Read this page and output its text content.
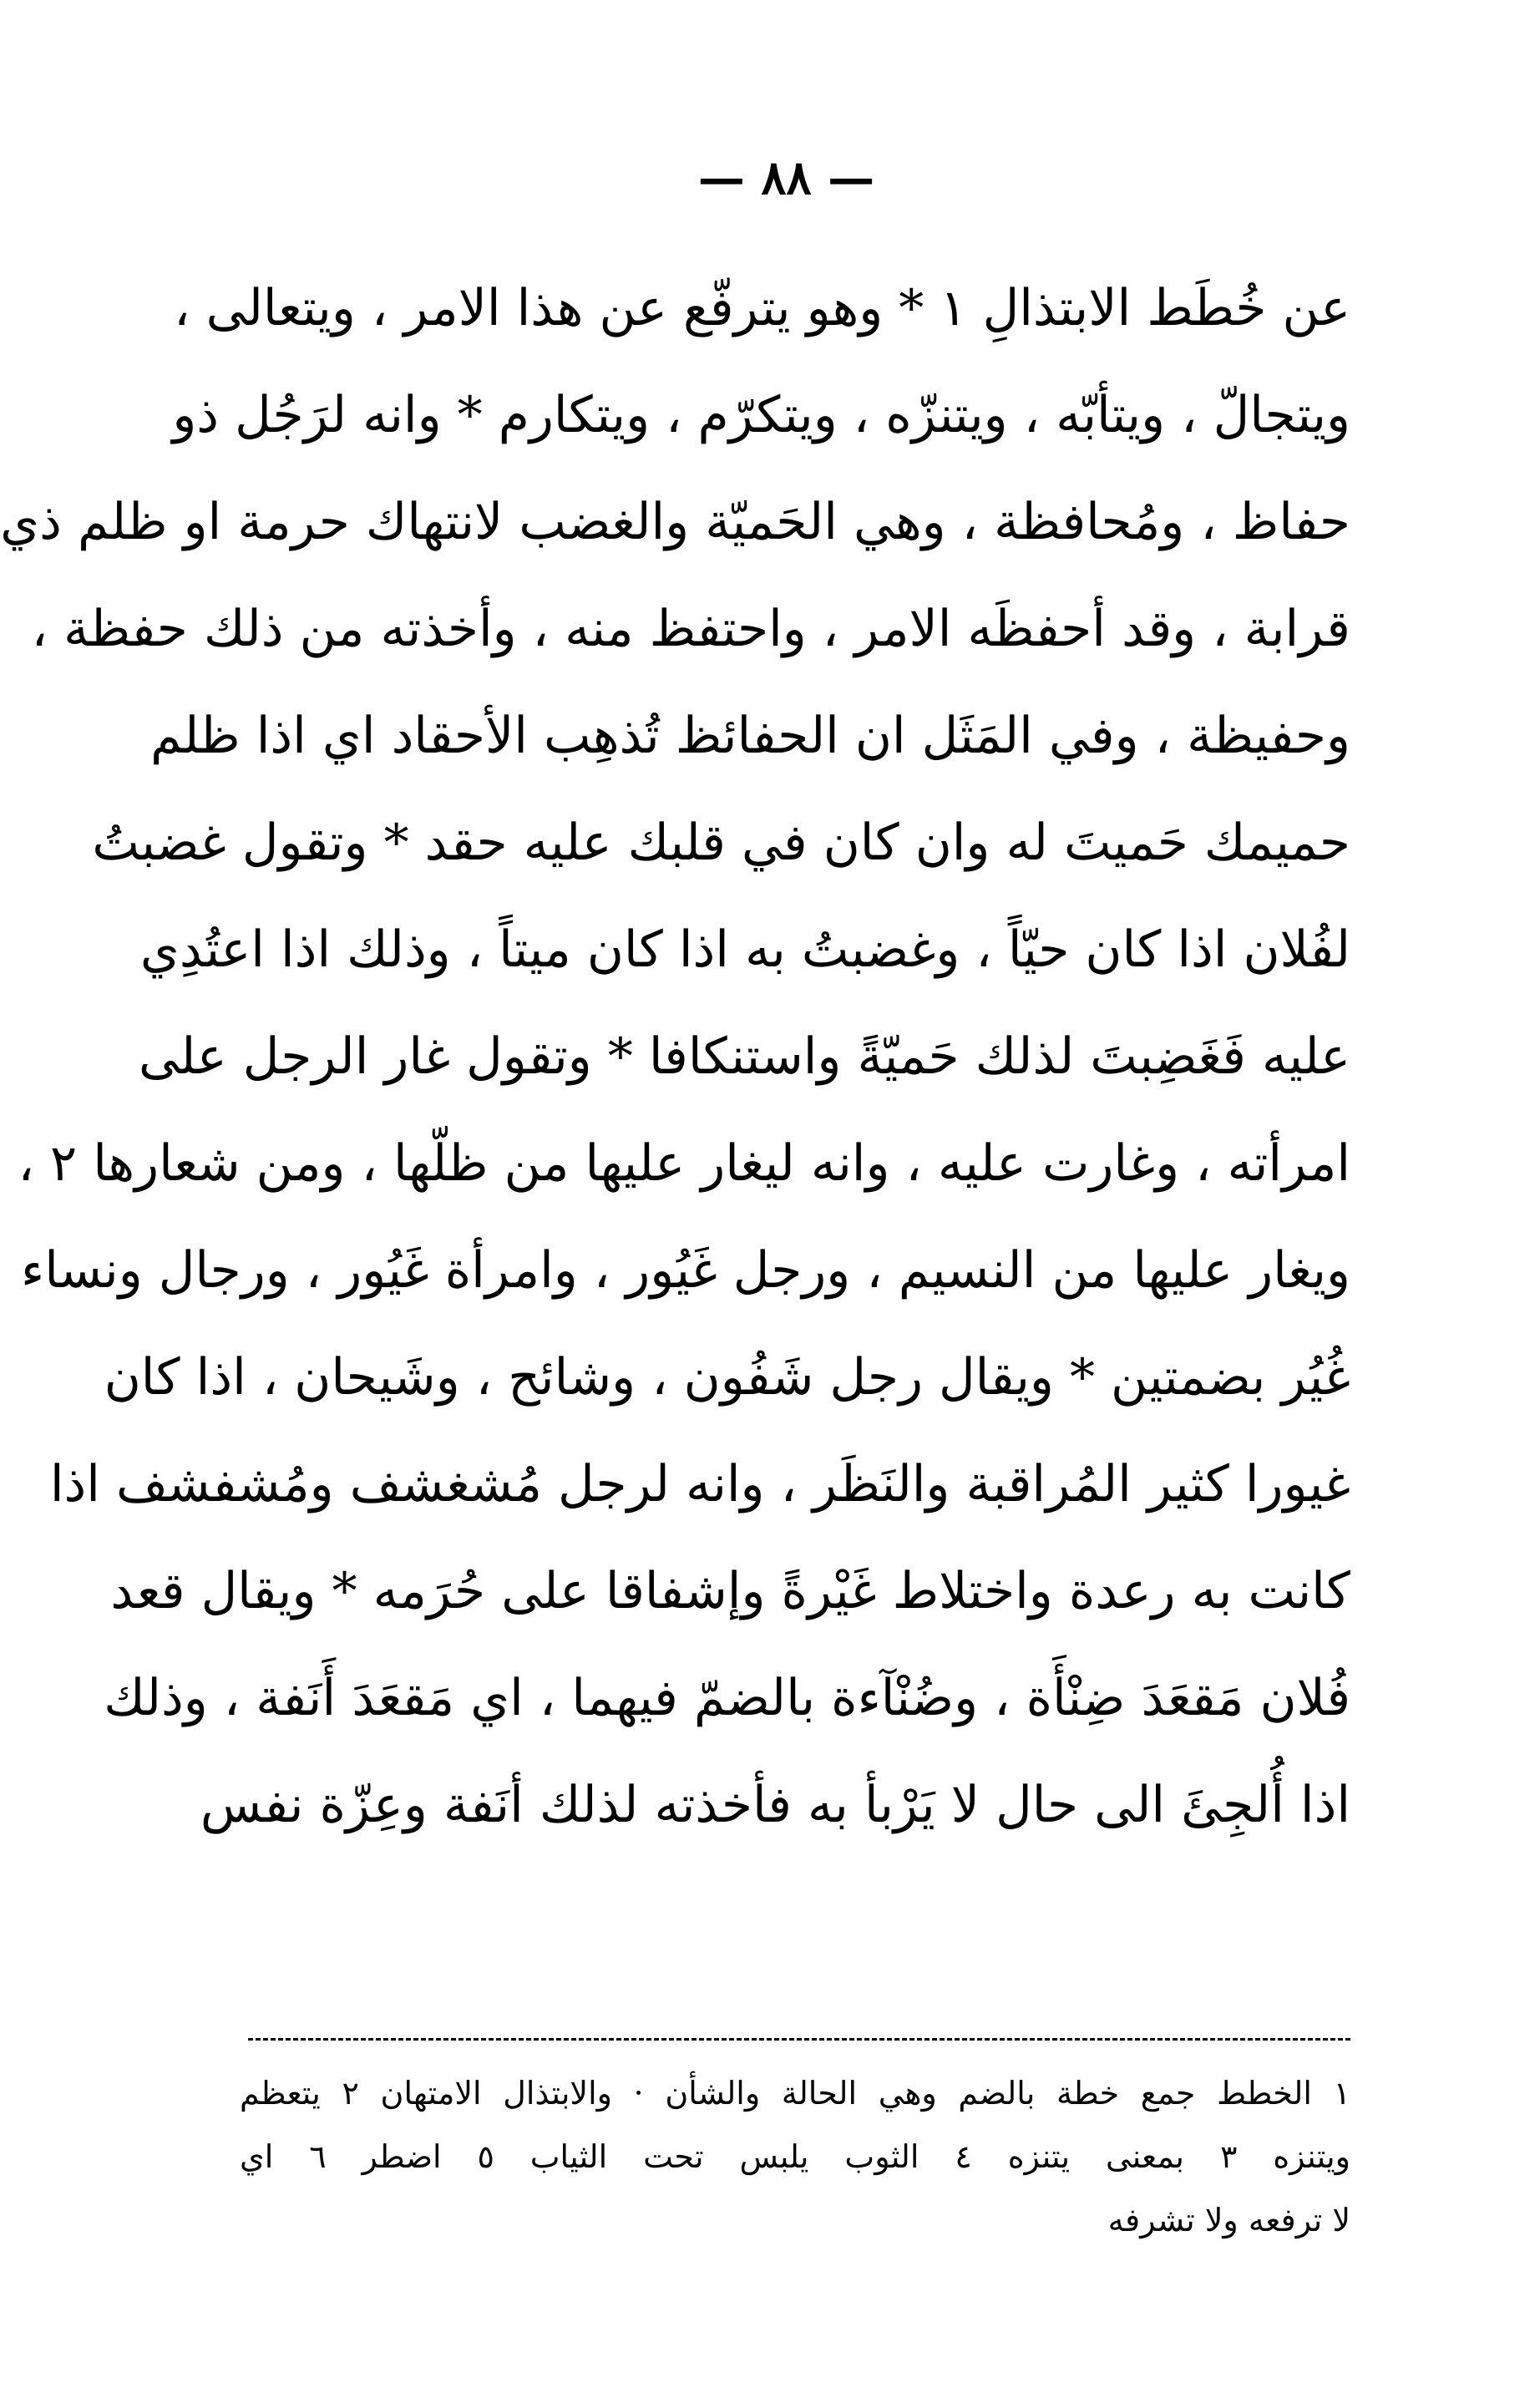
— ٨٨ —
عن خُطَط الابتذالِ ١ * وهو يترفّع عن هذا الامر ، ويتعالى ،
ويتجالّ ، ويتأبّه ، ويتنزّه ، ويتكرّم ، ويتكارم * وانه لرَجُل ذو
حفاظ ، ومُحافظة ، وهي الحَميّة والغضب لانتهاك حرمة او ظلم ذي
قرابة ، وقد أحفظَه الامر ، واحتفظ منه ، وأخذته من ذلك حفظة ،
وحفيظة ، وفي المَثَل ان الحفائظ تُذهِب الأحقاد اي اذا ظلم
حميمك حَميتَ له وان كان في قلبك عليه حقد * وتقول غضبتُ
لفُلان اذا كان حيّاً ، وغضبتُ به اذا كان ميتاً ، وذلك اذا اعتُدِي
عليه فَغَضِبتَ لذلك حَميّةً واستنكافا * وتقول غار الرجل على
امرأته ، وغارت عليه ، وانه ليغار عليها من ظلّها ، ومن شعارها ٢ ،
ويغار عليها من النسيم ، ورجل غَيُور ، وامرأة غَيُور ، ورجال ونساء
غُيُر بضمتين * ويقال رجل شَفُون ، وشائح ، وشَيحان ، اذا كان
غيورا كثير المُراقبة والنَظَر ، وانه لرجل مُشغشف ومُشفشف اذا
كانت به رعدة واختلاط غَيْرةً وإشفاقا على حُرَمه * ويقال قعد
فُلان مَقعَدَ ضِنْأَة ، وضُنْآءة بالضمّ فيهما ، اي مَقعَدَ أَنَفة ، وذلك
اذا أُلجِئَ الى حال لا يَرْبأ به فأخذته لذلك أنَفة وعِزّة نفس
١ الخطط جمع خطة بالضم وهي الحالة والشأن · والابتذال الامتهان ٢ يتعظم
ويتنزه ٣ بمعنى يتنزه ٤ الثوب يلبس تحت الثياب ٥ اضطر ٦ اي
لا ترفعه ولا تشرفه
